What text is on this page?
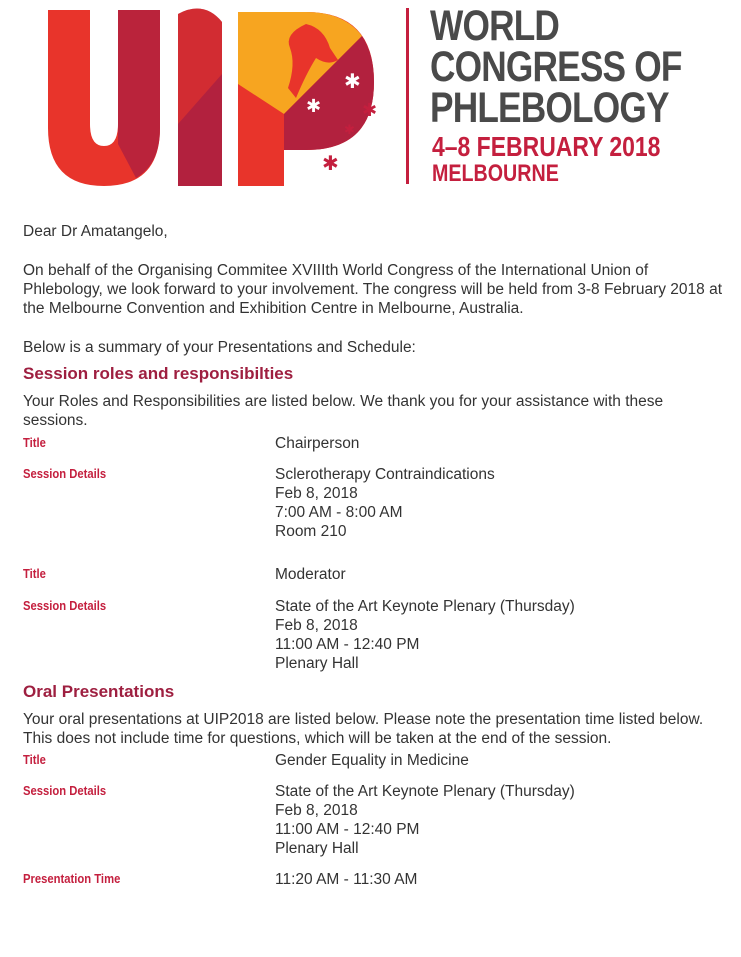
✱
✱ ✱
✱
✱
WORLD
CONGRESS OF
PHLEBOLOGY
4–8 FEBRUARY 2018
MELBOURNE

Dear Dr Amatangelo,

On behalf of the Organising Commitee XVIIIth World Congress of the International Union of Phlebology, we look forward to your involvement. The congress will be held from 3-8 February 2018 at the Melbourne Convention and Exhibition Centre in Melbourne, Australia.

Below is a summary of your Presentations and Schedule:

Session roles and responsibilties

Your Roles and Responsibilities are listed below. We thank you for your assistance with these sessions.

Title	Chairperson
Session Details	Sclerotherapy Contraindications
Feb 8, 2018
7:00 AM - 8:00 AM
Room 210
Title	Moderator
Session Details	State of the Art Keynote Plenary (Thursday)
Feb 8, 2018
11:00 AM - 12:40 PM
Plenary Hall

Oral Presentations

Your oral presentations at UIP2018 are listed below. Please note the presentation time listed below. This does not include time for questions, which will be taken at the end of the session.

Title	Gender Equality in Medicine
Session Details	State of the Art Keynote Plenary (Thursday)
Feb 8, 2018
11:00 AM - 12:40 PM
Plenary Hall
Presentation Time	11:20 AM - 11:30 AM
